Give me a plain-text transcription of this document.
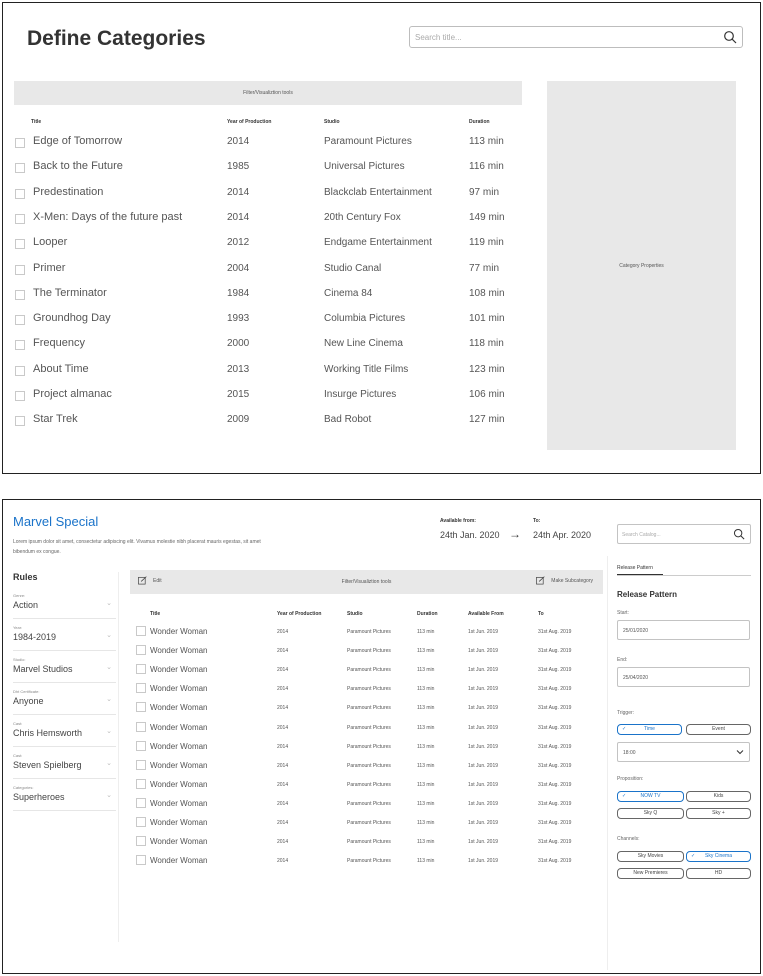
Define Categories	Search title...
Filter/Visualiztion tools
Category Properties
Title	Year of Production	Studio	Duration
Edge of Tomorrow	2014	Paramount Pictures	113 min
Back to the Future	1985	Universal Pictures	116 min
Predestination	2014	Blackclab Entertainment	97 min
X-Men: Days of the future past	2014	20th Century Fox	149 min
Looper	2012	Endgame Entertainment	119 min
Primer	2004	Studio Canal	77 min
The Terminator	1984	Cinema 84	108 min
Groundhog Day	1993	Columbia Pictures	101 min
Frequency	2000	New Line Cinema	118 min
About Time	2013	Working Title Films	123 min
Project almanac	2015	Insurge Pictures	106 min
Star Trek	2009	Bad Robot	127 min
Marvel Special
Lorem ipsum dolor sit amet, consectetur adipiscing elit. Vivamus molestie nibh placerat mauris egestas, sit amet bibendum ex congue.
Available from:
24th Jan. 2020 →
To:
24th Apr. 2020	Search Catalog...
Rules
Genre:
Action	⌄
Year:
1984-2019	⌄
Studio:
Marvel Studios	⌄
Dht Certificate:
Anyone	⌄
Cast:
Chris Hemsworth	⌄
Cast:
Steven Spielberg	⌄
Categories:
Superheroes	⌄
Edit	Filter/Visualiztion tools	Make Subcategory
Title	Year of Production	Studio	Duration	Available From	To
Wonder Woman	2014	Paramount Pictures	113 min	1st Jun. 2019	31st Aug. 2019
Wonder Woman	2014	Paramount Pictures	113 min	1st Jun. 2019	31st Aug. 2019
Wonder Woman	2014	Paramount Pictures	113 min	1st Jun. 2019	31st Aug. 2019
Wonder Woman	2014	Paramount Pictures	113 min	1st Jun. 2019	31st Aug. 2019
Wonder Woman	2014	Paramount Pictures	113 min	1st Jun. 2019	31st Aug. 2019
Wonder Woman	2014	Paramount Pictures	113 min	1st Jun. 2019	31st Aug. 2019
Wonder Woman	2014	Paramount Pictures	113 min	1st Jun. 2019	31st Aug. 2019
Wonder Woman	2014	Paramount Pictures	113 min	1st Jun. 2019	31st Aug. 2019
Wonder Woman	2014	Paramount Pictures	113 min	1st Jun. 2019	31st Aug. 2019
Wonder Woman	2014	Paramount Pictures	113 min	1st Jun. 2019	31st Aug. 2019
Wonder Woman	2014	Paramount Pictures	113 min	1st Jun. 2019	31st Aug. 2019
Wonder Woman	2014	Paramount Pictures	113 min	1st Jun. 2019	31st Aug. 2019
Wonder Woman	2014	Paramount Pictures	113 min	1st Jun. 2019	31st Aug. 2019
Release Pattern
Release Pattern
Start:
25/01/2020
End:
25/04/2020
Trigger:
✓	Time	Event
18:00
Proposition:
✓	NOW TV	Kids
Sky Q	Sky +
Channels:
Sky Movies	✓ Sky Cinema
New Premieres	HD
